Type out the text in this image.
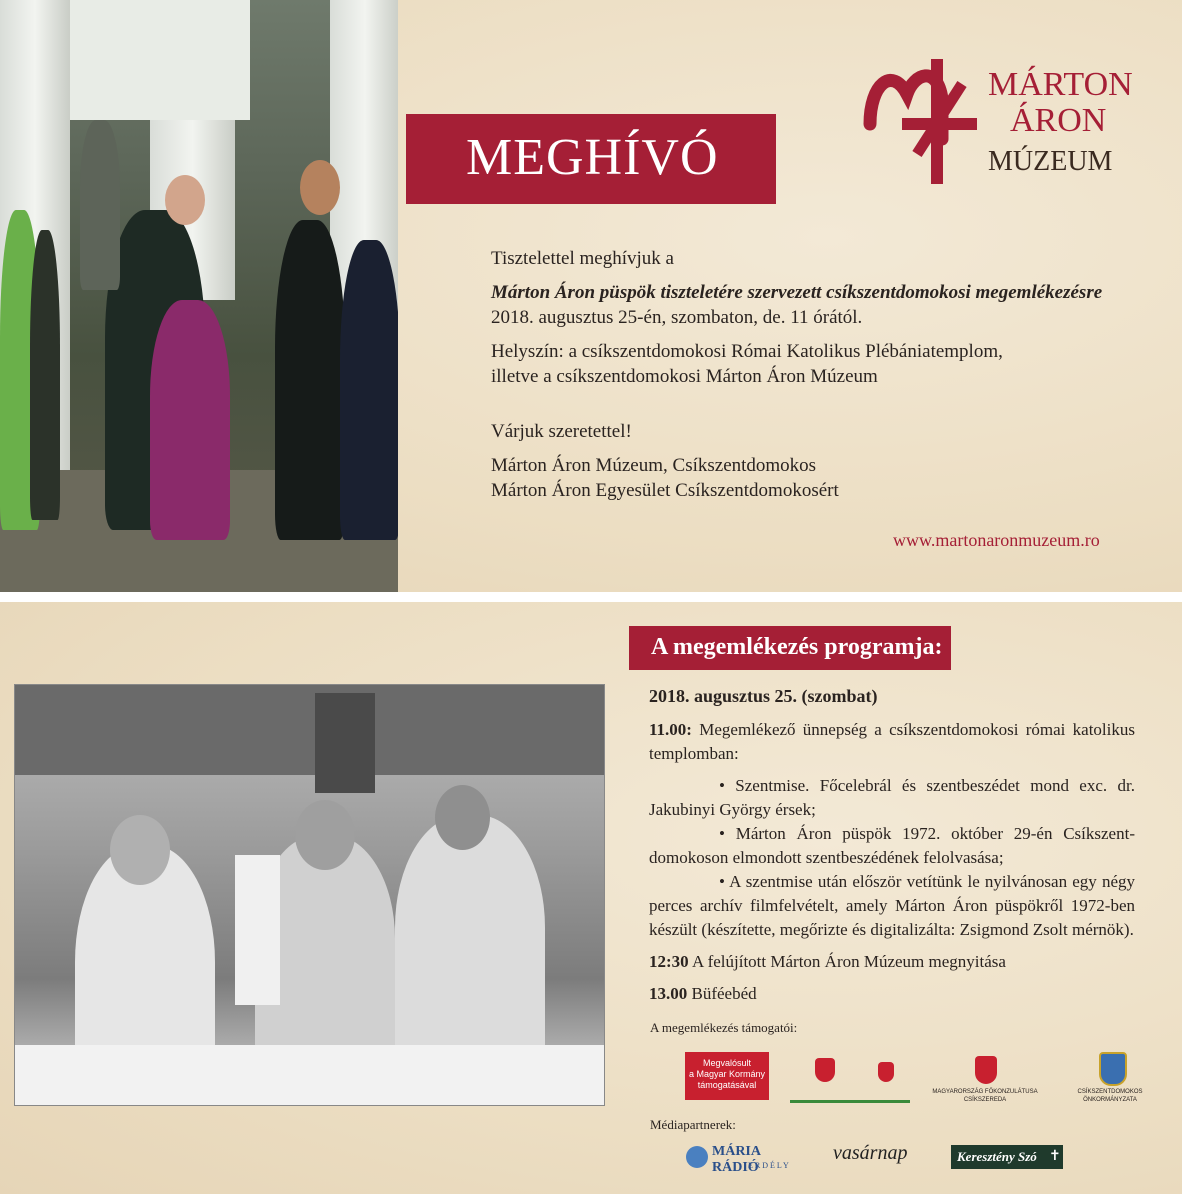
MEGHÍVÓ
MÁRTON
ÁRON
MÚZEUM

Tisztelettel meghívjuk a

Márton Áron püspök tiszteletére szervezett csíkszentdomokosi megemlékezésre

2018. augusztus 25-én, szombaton, de. 11 órától.

Helyszín: a csíkszentdomokosi Római Katolikus Plébániatemplom,

illetve a csíkszentdomokosi Márton Áron Múzeum

Várjuk szeretettel!

Márton Áron Múzeum, Csíkszentdomokos

Márton Áron Egyesület Csíkszentdomokosért

www.martonaronmuzeum.ro
A megemlékezés programja:

2018. augusztus 25. (szombat)

11.00: Megemlékező ünnepség a csíkszentdomokosi római katolikus templomban:

• Szentmise. Főcelebrál és szentbeszédet mond exc. dr. Jakubinyi György érsek;

• Márton Áron püspök 1972. október 29-én Csíkszent-domokoson elmondott szentbeszédének felolvasása;

• A szentmise után először vetítünk le nyilvánosan egy négy perces archív filmfelvételt, amely Márton Áron püspökről 1972-ben készült (készítette, megőrizte és digitalizálta: Zsigmond Zsolt mérnök).

12:30 A felújított Márton Áron Múzeum megnyitása

13.00 Büféebéd

A megemlékezés támogatói:
Megvalósult
a Magyar Kormány
támogatásával
MAGYARORSZÁG FŐKONZULÁTUSA CSÍKSZEREDA
CSÍKSZENTDOMOKOS ÖNKORMÁNYZATA
Médiapartnerek:
MÁRIA RÁDIÓ
ERDÉLY
vasárnap	Keresztény Szó ✝
